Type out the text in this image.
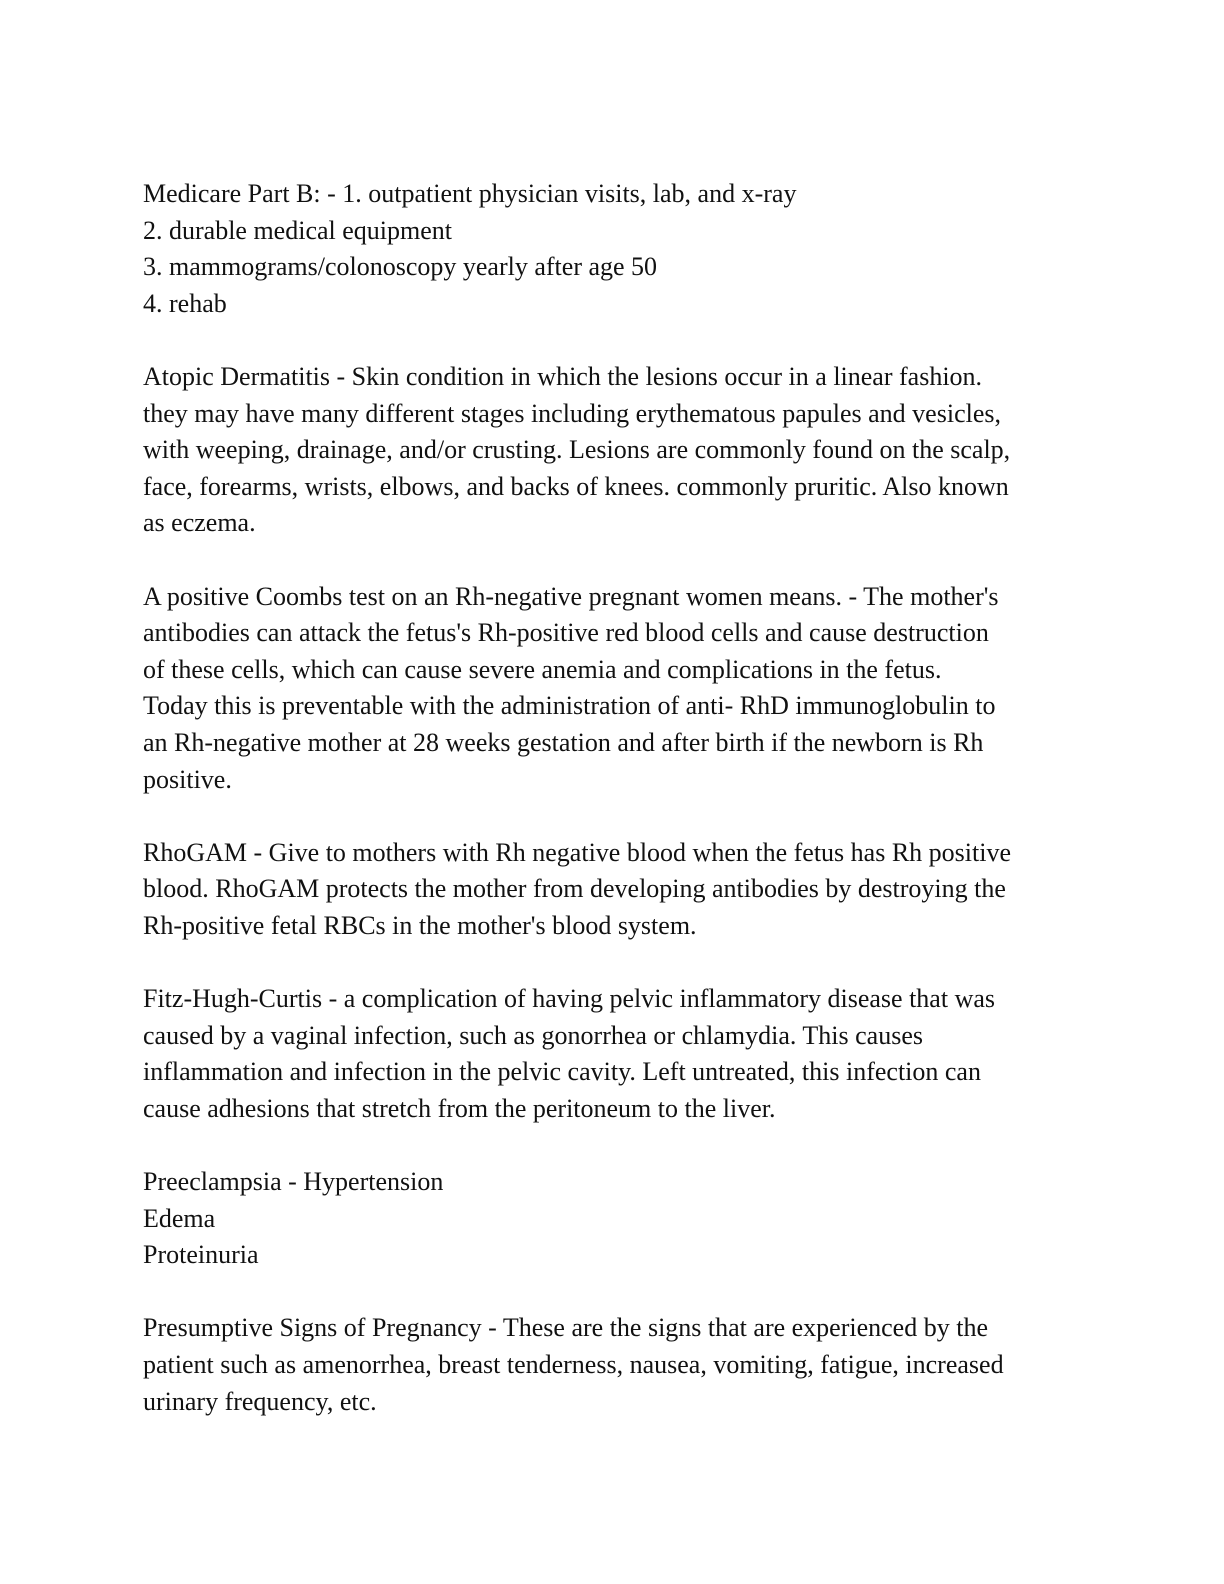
Medicare Part B: - 1. outpatient physician visits, lab, and x-ray
2. durable medical equipment
3. mammograms/colonoscopy yearly after age 50
4. rehab
Atopic Dermatitis - Skin condition in which the lesions occur in a linear fashion.
they may have many different stages including erythematous papules and vesicles,
with weeping, drainage, and/or crusting. Lesions are commonly found on the scalp,
face, forearms, wrists, elbows, and backs of knees. commonly pruritic. Also known
as eczema.
A positive Coombs test on an Rh-negative pregnant women means. - The mother's
antibodies can attack the fetus's Rh-positive red blood cells and cause destruction
of these cells, which can cause severe anemia and complications in the fetus.
Today this is preventable with the administration of anti- RhD immunoglobulin to
an Rh-negative mother at 28 weeks gestation and after birth if the newborn is Rh
positive.
RhoGAM - Give to mothers with Rh negative blood when the fetus has Rh positive
blood. RhoGAM protects the mother from developing antibodies by destroying the
Rh-positive fetal RBCs in the mother's blood system.
Fitz-Hugh-Curtis - a complication of having pelvic inflammatory disease that was
caused by a vaginal infection, such as gonorrhea or chlamydia. This causes
inflammation and infection in the pelvic cavity. Left untreated, this infection can
cause adhesions that stretch from the peritoneum to the liver.
Preeclampsia - Hypertension
Edema
Proteinuria
Presumptive Signs of Pregnancy - These are the signs that are experienced by the
patient such as amenorrhea, breast tenderness, nausea, vomiting, fatigue, increased
urinary frequency, etc.
